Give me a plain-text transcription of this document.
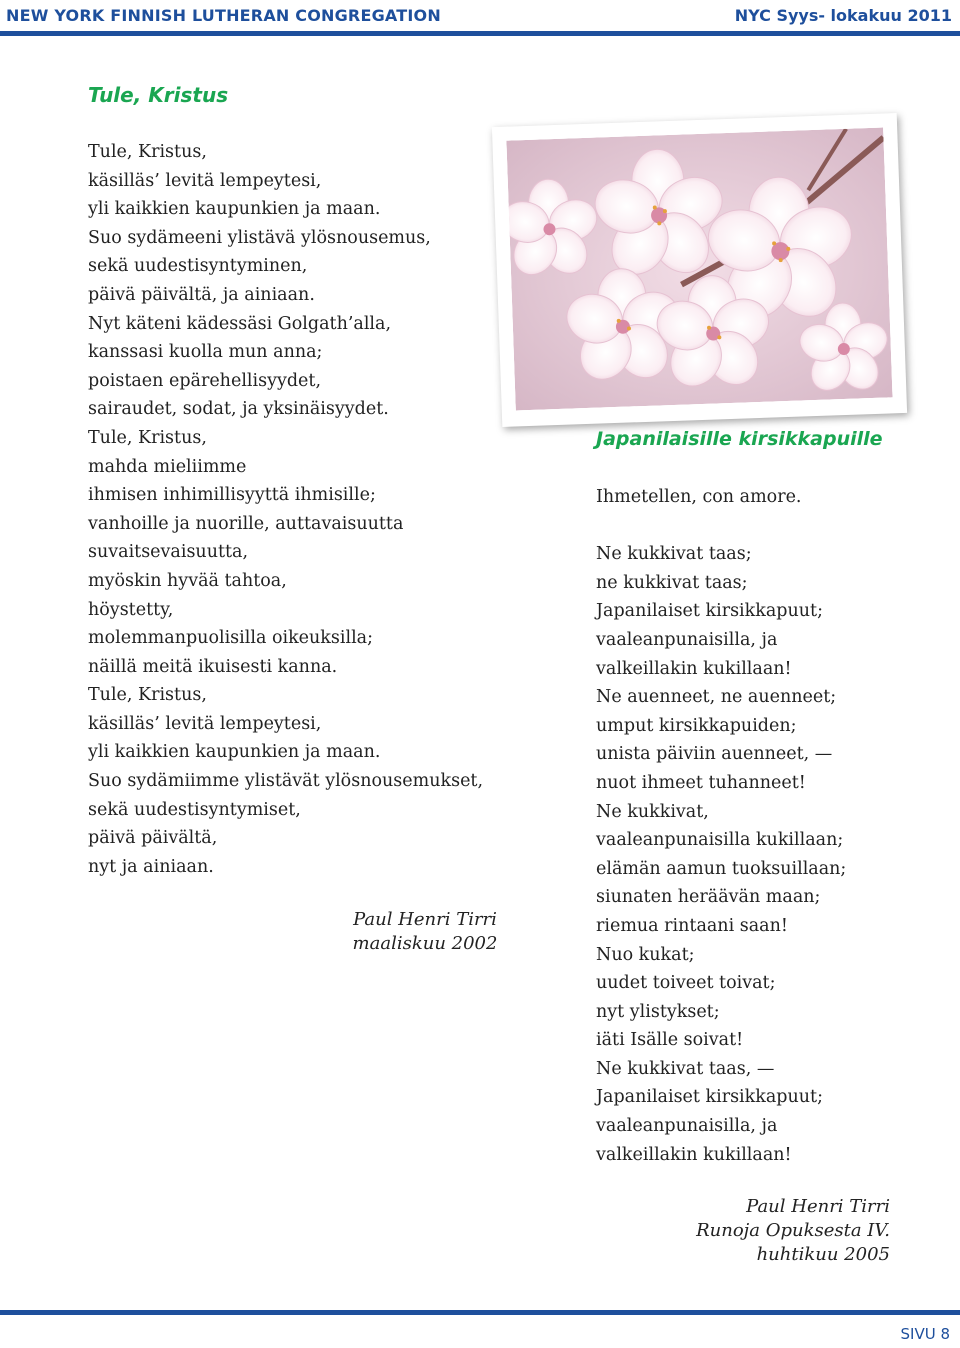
NEW YORK FINNISH LUTHERAN CONGREGATION	NYC Syys- lokakuu 2011
Tule, Kristus
Tule, Kristus,
käsilläs’ levitä lempeytesi,
yli kaikkien kaupunkien ja maan.
Suo sydämeeni ylistävä ylösnousemus,
sekä uudestisyntyminen,
päivä päivältä, ja ainiaan.
Nyt käteni kädessäsi Golgath’alla,
kanssasi kuolla mun anna;
poistaen epärehellisyydet,
sairaudet, sodat, ja yksinäisyydet.
Tule, Kristus,
mahda mieliimme
ihmisen inhimillisyyttä ihmisille;
vanhoille ja nuorille, auttavaisuutta
suvaitsevaisuutta,
myöskin hyvää tahtoa,
höystetty,
molemmanpuolisilla oikeuksilla;
näillä meitä ikuisesti kanna.
Tule, Kristus,
käsilläs’ levitä lempeytesi,
yli kaikkien kaupunkien ja maan.
Suo sydämiimme ylistävät ylösnousemukset,
sekä uudestisyntymiset,
päivä päivältä,
nyt ja ainiaan.
Paul Henri Tirri
maaliskuu 2002
Japanilaisille kirsikkapuille
Ihmetellen, con amore.
Ne kukkivat taas;
ne kukkivat taas;
Japanilaiset kirsikkapuut;
vaaleanpunaisilla, ja
valkeillakin kukillaan!
Ne auenneet, ne auenneet;
umput kirsikkapuiden;
unista päiviin auenneet, —
nuot ihmeet tuhanneet!
Ne kukkivat,
vaaleanpunaisilla kukillaan;
elämän aamun tuoksuillaan;
siunaten heräävän maan;
riemua rintaani saan!
Nuo kukat;
uudet toiveet toivat;
nyt ylistykset;
iäti Isälle soivat!
Ne kukkivat taas, —
Japanilaiset kirsikkapuut;
vaaleanpunaisilla, ja
valkeillakin kukillaan!
Paul Henri Tirri
Runoja Opuksesta IV.
huhtikuu 2005
SIVU 8
